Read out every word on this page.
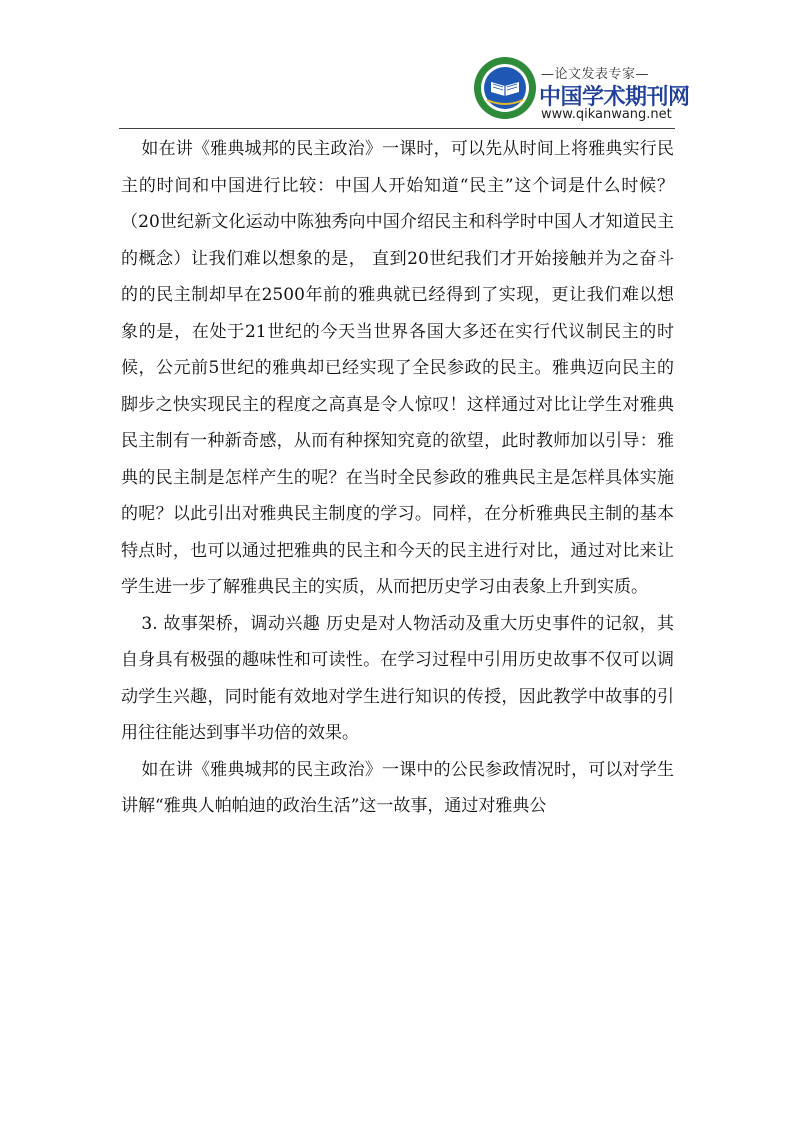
—论文发表专家—
中国学术期刊网
www.qikanwang.net

如在讲《雅典城邦的民主政治》一课时，可以先从时间上将雅典实行民主的时间和中国进行比较：中国人开始知道“民主”这个词是什么时候？（20世纪新文化运动中陈独秀向中国介绍民主和科学时中国人才知道民主的概念）让我们难以想象的是， 直到20世纪我们才开始接触并为之奋斗的的民主制却早在2500年前的雅典就已经得到了实现，更让我们难以想象的是，在处于21世纪的今天当世界各国大多还在实行代议制民主的时候，公元前5世纪的雅典却已经实现了全民参政的民主。雅典迈向民主的脚步之快实现民主的程度之高真是令人惊叹！这样通过对比让学生对雅典民主制有一种新奇感，从而有种探知究竟的欲望，此时教师加以引导：雅典的民主制是怎样产生的呢？在当时全民参政的雅典民主是怎样具体实施的呢？以此引出对雅典民主制度的学习。同样，在分析雅典民主制的基本特点时，也可以通过把雅典的民主和今天的民主进行对比，通过对比来让学生进一步了解雅典民主的实质，从而把历史学习由表象上升到实质。

3. 故事架桥，调动兴趣 历史是对人物活动及重大历史事件的记叙，其自身具有极强的趣味性和可读性。在学习过程中引用历史故事不仅可以调动学生兴趣，同时能有效地对学生进行知识的传授，因此教学中故事的引用往往能达到事半功倍的效果。

如在讲《雅典城邦的民主政治》一课中的公民参政情况时，可以对学生讲解“雅典人帕帕迪的政治生活”这一故事，通过对雅典公
